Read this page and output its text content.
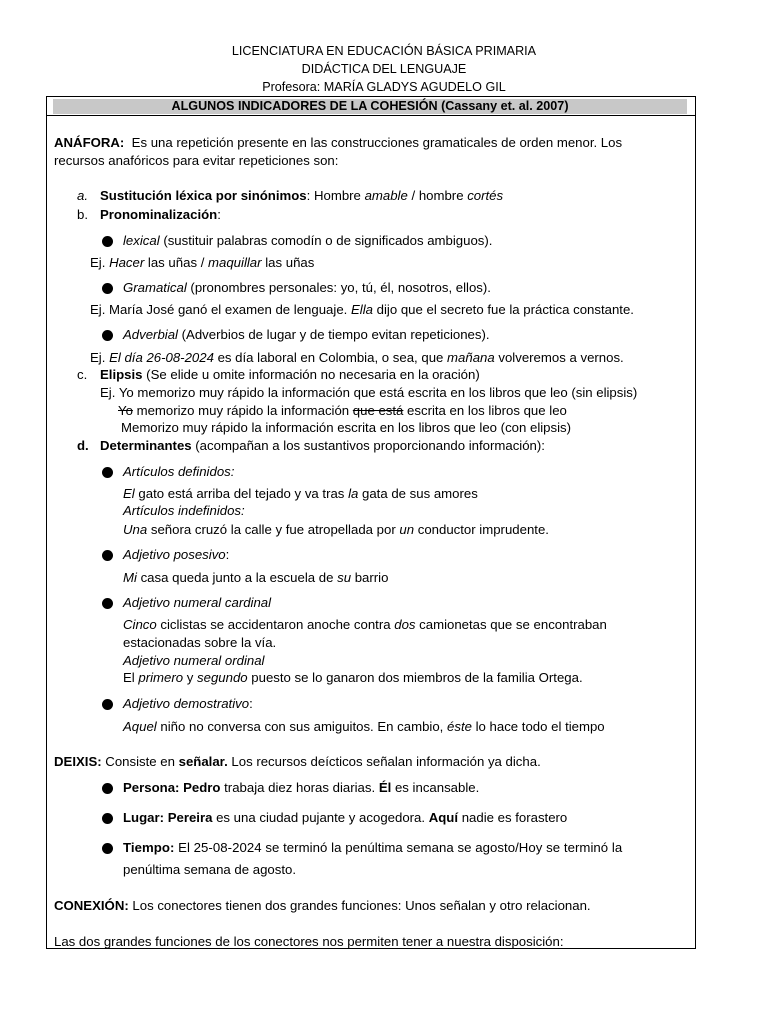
LICENCIATURA EN EDUCACIÓN BÁSICA PRIMARIA
DIDÁCTICA DEL LENGUAJE
Profesora: MARÍA GLADYS AGUDELO GIL
ALGUNOS INDICADORES DE LA COHESIÓN (Cassany et. al. 2007)
ANÁFORA: Es una repetición presente en las construcciones gramaticales de orden menor. Los
recursos anafóricos para evitar repeticiones son:
a. Sustitución léxica por sinónimos: Hombre amable / hombre cortés
b. Pronominalización:
lexical (sustituir palabras comodín o de significados ambiguos).
Ej. Hacer las uñas / maquillar las uñas
Gramatical (pronombres personales: yo, tú, él, nosotros, ellos).
Ej. María José ganó el examen de lenguaje. Ella dijo que el secreto fue la práctica constante.
Adverbial (Adverbios de lugar y de tiempo evitan repeticiones).
Ej. El día 26-08-2024 es día laboral en Colombia, o sea, que mañana volveremos a vernos.
c. Elipsis (Se elide u omite información no necesaria en la oración)
Ej. Yo memorizo muy rápido la información que está escrita en los libros que leo (sin elipsis)
Yo memorizo muy rápido la información que está escrita en los libros que leo
Memorizo muy rápido la información escrita en los libros que leo (con elipsis)
d. Determinantes (acompañan a los sustantivos proporcionando información):
Artículos definidos:
El gato está arriba del tejado y va tras la gata de sus amores
Artículos indefinidos:
Una señora cruzó la calle y fue atropellada por un conductor imprudente.
Adjetivo posesivo:
Mi casa queda junto a la escuela de su barrio
Adjetivo numeral cardinal
Cinco ciclistas se accidentaron anoche contra dos camionetas que se encontraban
estacionadas sobre la vía.
Adjetivo numeral ordinal
El primero y segundo puesto se lo ganaron dos miembros de la familia Ortega.
Adjetivo demostrativo:
Aquel niño no conversa con sus amiguitos. En cambio, éste lo hace todo el tiempo
DEIXIS: Consiste en señalar. Los recursos deícticos señalan información ya dicha.
Persona: Pedro trabaja diez horas diarias. Él es incansable.
Lugar: Pereira es una ciudad pujante y acogedora. Aquí nadie es forastero
Tiempo: El 25-08-2024 se terminó la penúltima semana se agosto/Hoy se terminó la
penúltima semana de agosto.
CONEXIÓN: Los conectores tienen dos grandes funciones: Unos señalan y otro relacionan.
Las dos grandes funciones de los conectores nos permiten tener a nuestra disposición:
